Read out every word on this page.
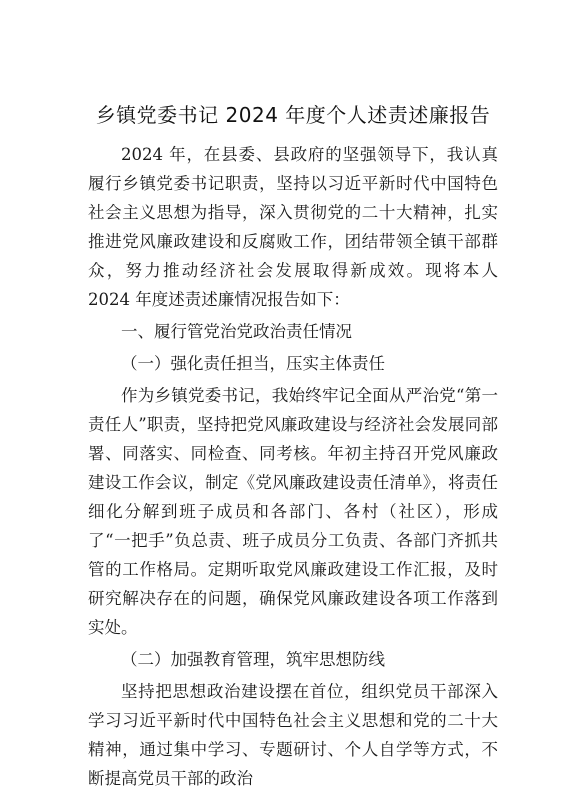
乡镇党委书记 2024 年度个人述责述廉报告

2024 年，在县委、县政府的坚强领导下，我认真履行乡镇党委书记职责，坚持以习近平新时代中国特色社会主义思想为指导，深入贯彻党的二十大精神，扎实推进党风廉政建设和反腐败工作，团结带领全镇干部群众，努力推动经济社会发展取得新成效。现将本人 2024 年度述责述廉情况报告如下：

一、履行管党治党政治责任情况

（一）强化责任担当，压实主体责任

作为乡镇党委书记，我始终牢记全面从严治党“第一责任人”职责，坚持把党风廉政建设与经济社会发展同部署、同落实、同检查、同考核。年初主持召开党风廉政建设工作会议，制定《党风廉政建设责任清单》，将责任细化分解到班子成员和各部门、各村（社区），形成了“一把手”负总责、班子成员分工负责、各部门齐抓共管的工作格局。定期听取党风廉政建设工作汇报，及时研究解决存在的问题，确保党风廉政建设各项工作落到实处。

（二）加强教育管理，筑牢思想防线

坚持把思想政治建设摆在首位，组织党员干部深入学习习近平新时代中国特色社会主义思想和党的二十大精神，通过集中学习、专题研讨、个人自学等方式，不断提高党员干部的政治
